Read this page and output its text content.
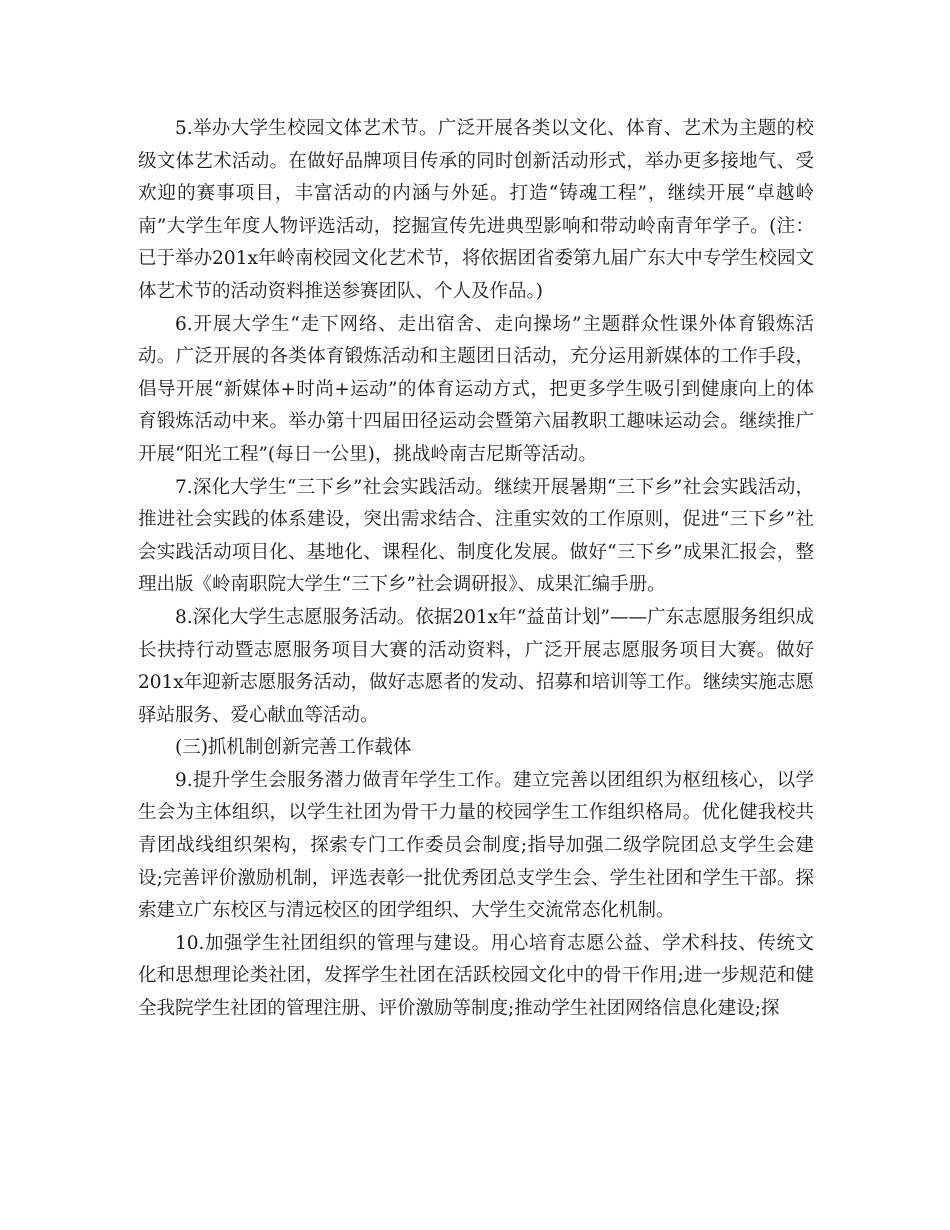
5.举办大学生校园文体艺术节。广泛开展各类以文化、体育、艺术为主题的校级文体艺术活动。在做好品牌项目传承的同时创新活动形式，举办更多接地气、受欢迎的赛事项目，丰富活动的内涵与外延。打造“铸魂工程”，继续开展“卓越岭南”大学生年度人物评选活动，挖掘宣传先进典型影响和带动岭南青年学子。(注：已于举办201x年岭南校园文化艺术节，将依据团省委第九届广东大中专学生校园文体艺术节的活动资料推送参赛团队、个人及作品。)

6.开展大学生“走下网络、走出宿舍、走向操场”主题群众性课外体育锻炼活动。广泛开展的各类体育锻炼活动和主题团日活动，充分运用新媒体的工作手段，倡导开展“新媒体+时尚+运动”的体育运动方式，把更多学生吸引到健康向上的体育锻炼活动中来。举办第十四届田径运动会暨第六届教职工趣味运动会。继续推广开展“阳光工程”(每日一公里)，挑战岭南吉尼斯等活动。

7.深化大学生“三下乡”社会实践活动。继续开展暑期“三下乡”社会实践活动，推进社会实践的体系建设，突出需求结合、注重实效的工作原则，促进“三下乡”社会实践活动项目化、基地化、课程化、制度化发展。做好“三下乡”成果汇报会，整理出版《岭南职院大学生“三下乡”社会调研报》、成果汇编手册。

8.深化大学生志愿服务活动。依据201x年“益苗计划”——广东志愿服务组织成长扶持行动暨志愿服务项目大赛的活动资料，广泛开展志愿服务项目大赛。做好201x年迎新志愿服务活动，做好志愿者的发动、招募和培训等工作。继续实施志愿驿站服务、爱心献血等活动。

(三)抓机制创新完善工作载体

9.提升学生会服务潜力做青年学生工作。建立完善以团组织为枢纽核心，以学生会为主体组织，以学生社团为骨干力量的校园学生工作组织格局。优化健我校共青团战线组织架构，探索专门工作委员会制度;指导加强二级学院团总支学生会建设;完善评价激励机制，评选表彰一批优秀团总支学生会、学生社团和学生干部。探索建立广东校区与清远校区的团学组织、大学生交流常态化机制。

10.加强学生社团组织的管理与建设。用心培育志愿公益、学术科技、传统文化和思想理论类社团，发挥学生社团在活跃校园文化中的骨干作用;进一步规范和健全我院学生社团的管理注册、评价激励等制度;推动学生社团网络信息化建设;探
